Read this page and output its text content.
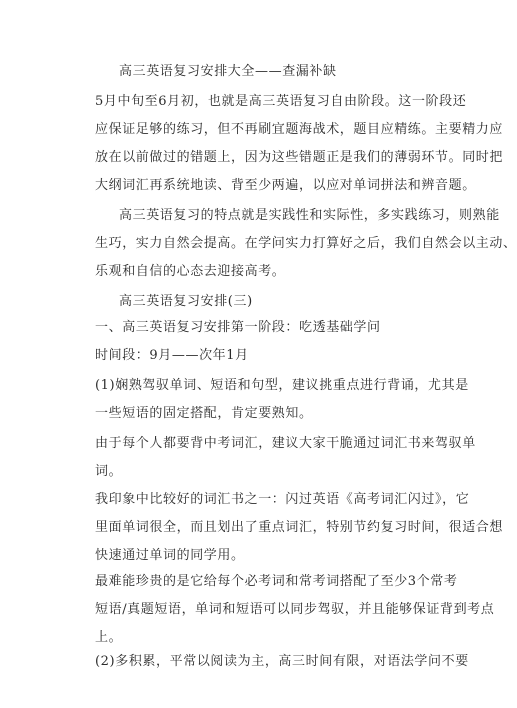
高三英语复习安排大全——查漏补缺
5月中旬至6月初，也就是高三英语复习自由阶段。这一阶段还
应保证足够的练习，但不再刷宜题海战术，题目应精练。主要精力应
放在以前做过的错题上，因为这些错题正是我们的薄弱环节。同时把
大纲词汇再系统地读、背至少两遍，以应对单词拼法和辨音题。
高三英语复习的特点就是实践性和实际性，多实践练习，则熟能
生巧，实力自然会提高。在学问实力打算好之后，我们自然会以主动、
乐观和自信的心态去迎接高考。
高三英语复习安排(三)
一、高三英语复习安排第一阶段：吃透基础学问
时间段：9月——次年1月
(1)娴熟驾驭单词、短语和句型，建议挑重点进行背诵，尤其是
一些短语的固定搭配，肯定要熟知。
由于每个人都要背中考词汇，建议大家干脆通过词汇书来驾驭单
词。
我印象中比较好的词汇书之一：闪过英语《高考词汇闪过》，它
里面单词很全，而且划出了重点词汇，特别节约复习时间，很适合想
快速通过单词的同学用。
最难能珍贵的是它给每个必考词和常考词搭配了至少3个常考
短语/真题短语，单词和短语可以同步驾驭，并且能够保证背到考点
上。
(2)多积累，平常以阅读为主，高三时间有限，对语法学问不要
